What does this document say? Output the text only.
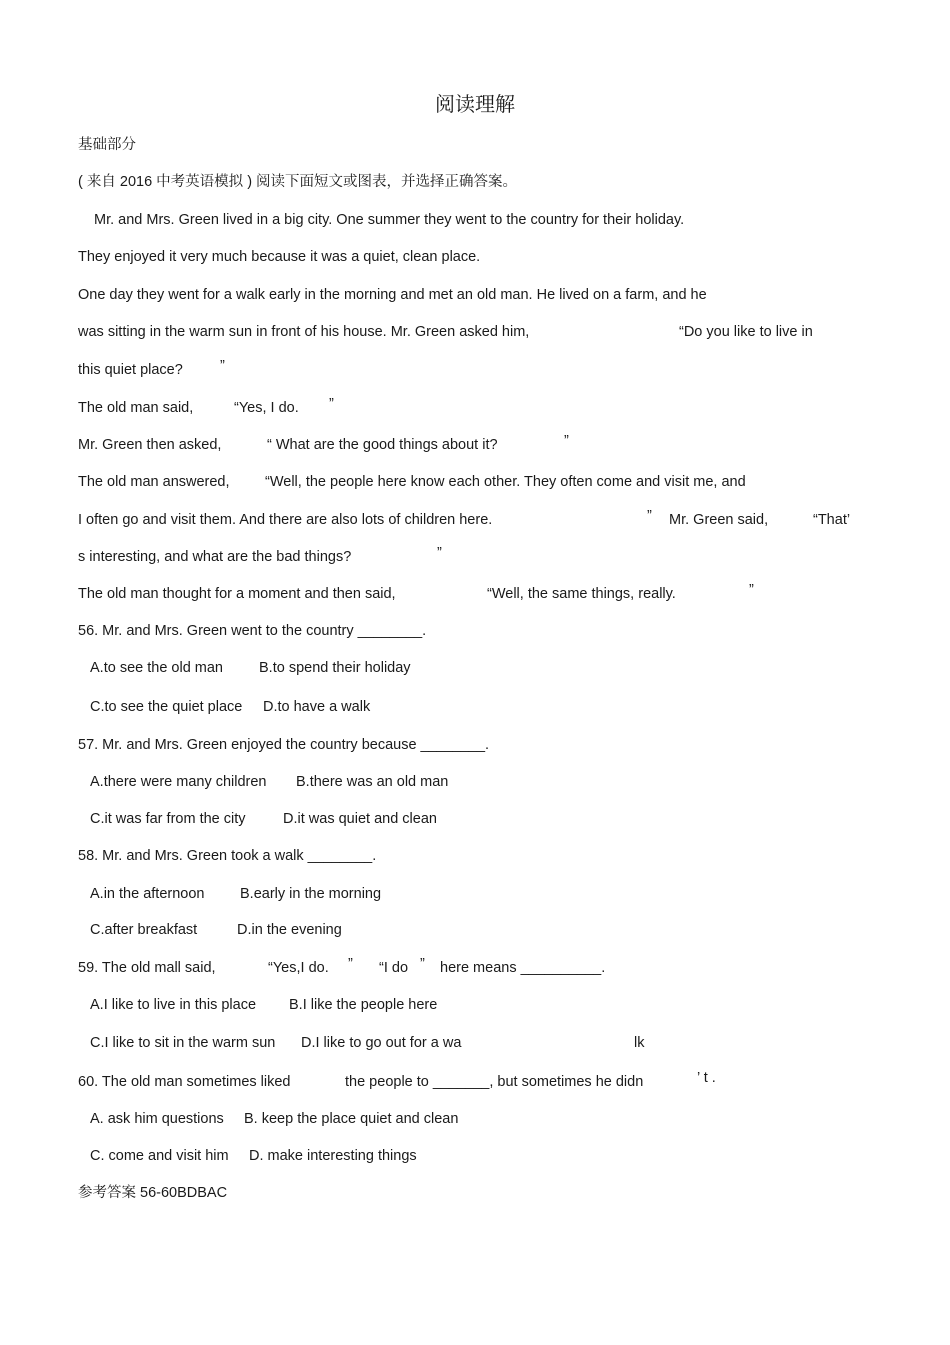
阅读理解
基础部分
( 来自 2016 中考英语模拟 ) 阅读下面短文或图表，并选择正确答案。
Mr. and Mrs. Green lived in a big city. One summer they went to the country for their holiday.
They enjoyed it very much because it was a quiet, clean place.
One day they went for a walk early in the morning and met an old man. He lived on a farm, and he
was sitting in the warm sun in front of his house. Mr. Green asked him,	“Do you like to live in
this quiet place?	”
The old man said,	“Yes, I do. ”
Mr. Green then asked,	“ What are the good things about it?	”
The old man answered, “Well, the people here know each other. They often come and visit me, and
I often go and visit them. And there are also lots of children here.	” Mr. Green said,	“That’
s interesting, and what are the bad things?	”
The old man thought for a moment and then said,	“Well, the same things, really.	”
56. Mr. and Mrs. Green went to the country ________.
A.to see the old man B.to spend their holiday
C.to see the quiet place D.to have a walk
57. Mr. and Mrs. Green enjoyed the country because ________.
A.there were many children B.there was an old man
C.it was far from the city	D.it was quiet and clean
58. Mr. and Mrs. Green took a walk ________.
A.in the afternoon B.early in the morning
C.after breakfast	D.in the evening
59. The old mall said,	“Yes,I do. ” “I do ” here means __________.
A.I like to live in this place B.I like the people here
C.I like to sit in the warm sun D.I like to go out for a wa	lk
60. The old man sometimes liked	the people to _______, but sometimes he didn	’ t .
A. ask him questions B. keep the place quiet and clean
C. come and visit him D. make interesting things
参考答案 56-60BDBAC
